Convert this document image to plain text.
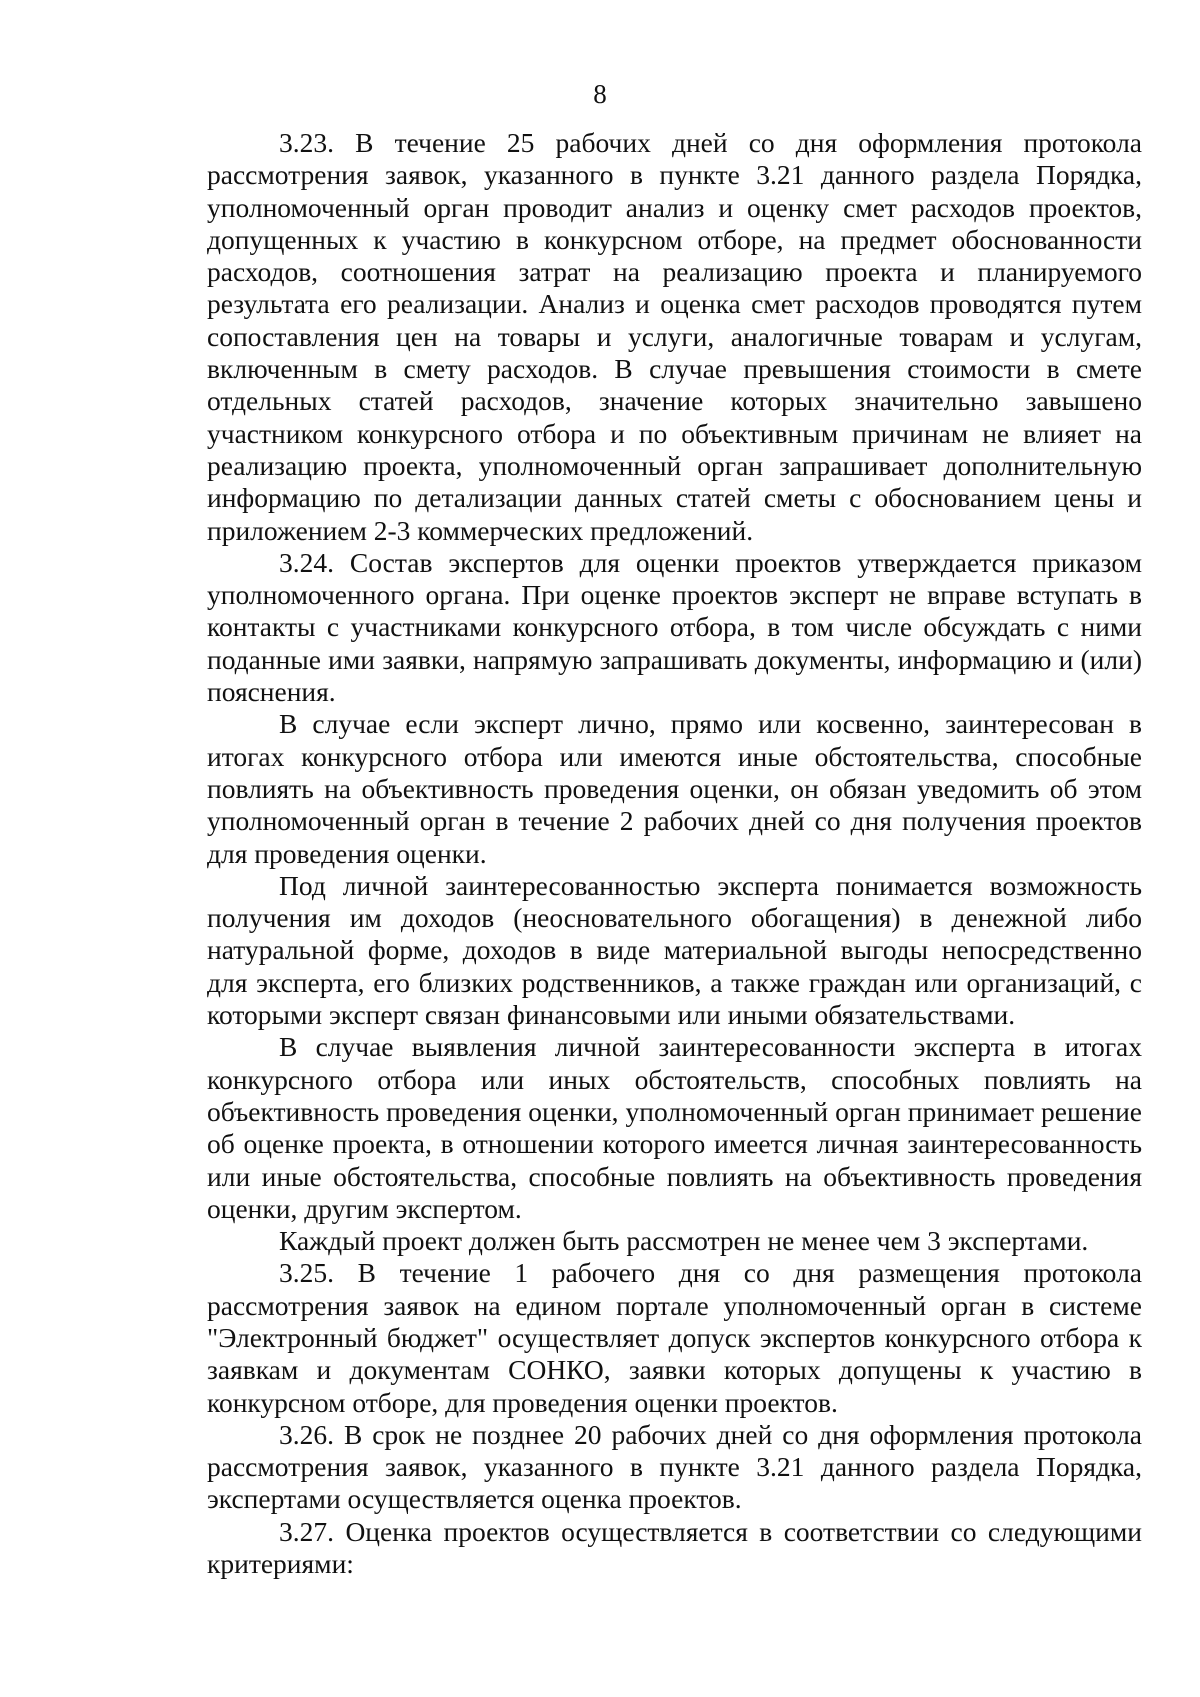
8

3.23. В течение 25 рабочих дней со дня оформления протокола рассмотрения заявок, указанного в пункте 3.21 данного раздела Порядка, уполномоченный орган проводит анализ и оценку смет расходов проектов, допущенных к участию в конкурсном отборе, на предмет обоснованности расходов, соотношения затрат на реализацию проекта и планируемого результата его реализации. Анализ и оценка смет расходов проводятся путем сопоставления цен на товары и услуги, аналогичные товарам и услугам, включенным в смету расходов. В случае превышения стоимости в смете отдельных статей расходов, значение которых значительно завышено участником конкурсного отбора и по объективным причинам не влияет на реализацию проекта, уполномоченный орган запрашивает дополнительную информацию по детализации данных статей сметы с обоснованием цены и приложением 2-3 коммерческих предложений.

3.24. Состав экспертов для оценки проектов утверждается приказом уполномоченного органа. При оценке проектов эксперт не вправе вступать в контакты с участниками конкурсного отбора, в том числе обсуждать с ними поданные ими заявки, напрямую запрашивать документы, информацию и (или) пояснения.

В случае если эксперт лично, прямо или косвенно, заинтересован в итогах конкурсного отбора или имеются иные обстоятельства, способные повлиять на объективность проведения оценки, он обязан уведомить об этом уполномоченный орган в течение 2 рабочих дней со дня получения проектов для проведения оценки.

Под личной заинтересованностью эксперта понимается возможность получения им доходов (неосновательного обогащения) в денежной либо натуральной форме, доходов в виде материальной выгоды непосредственно для эксперта, его близких родственников, а также граждан или организаций, с которыми эксперт связан финансовыми или иными обязательствами.

В случае выявления личной заинтересованности эксперта в итогах конкурсного отбора или иных обстоятельств, способных повлиять на объективность проведения оценки, уполномоченный орган принимает решение об оценке проекта, в отношении которого имеется личная заинтересованность или иные обстоятельства, способные повлиять на объективность проведения оценки, другим экспертом.

Каждый проект должен быть рассмотрен не менее чем 3 экспертами.

3.25. В течение 1 рабочего дня со дня размещения протокола рассмотрения заявок на едином портале уполномоченный орган в системе "Электронный бюджет" осуществляет допуск экспертов конкурсного отбора к заявкам и документам СОНКО, заявки которых допущены к участию в конкурсном отборе, для проведения оценки проектов.

3.26. В срок не позднее 20 рабочих дней со дня оформления протокола рассмотрения заявок, указанного в пункте 3.21 данного раздела Порядка, экспертами осуществляется оценка проектов.

3.27. Оценка проектов осуществляется в соответствии со следующими критериями:
